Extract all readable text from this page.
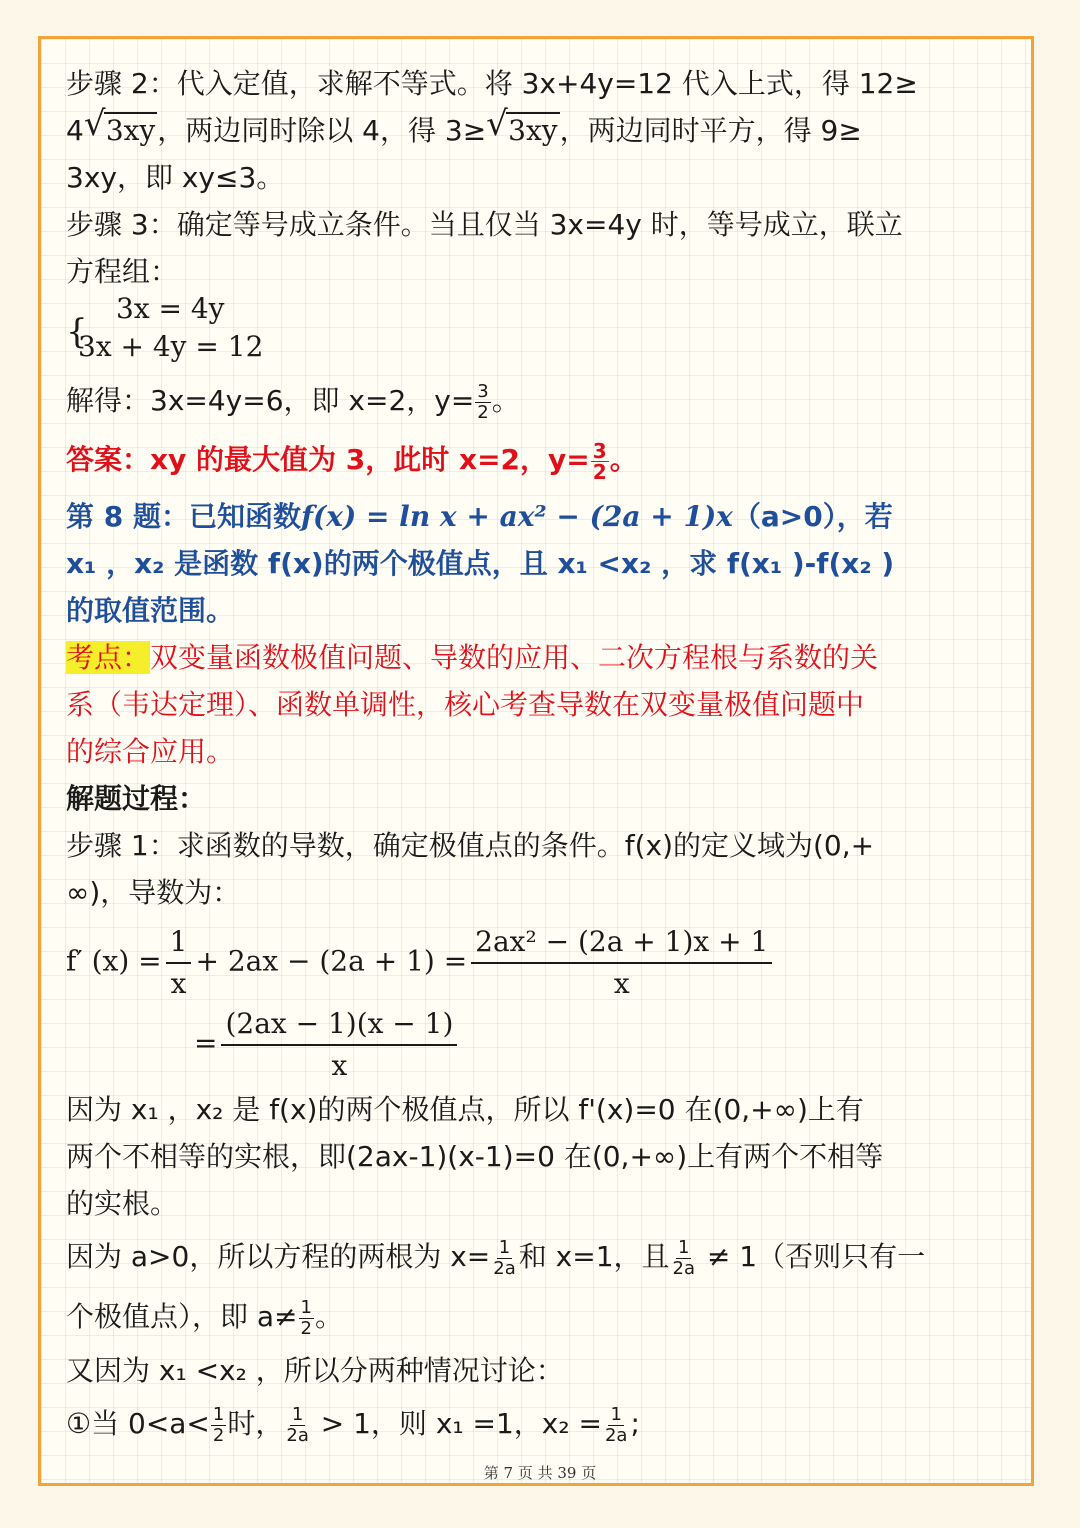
步骤 2：代入定值，求解不等式。将 3x+4y=12 代入上式，得 12≥
4 √ 3xy，两边同时除以 4，得 3≥ √ 3xy，两边同时平方，得 9≥
3xy，即 xy≤3。
步骤 3：确定等号成立条件。当且仅当 3x=4y 时，等号成立，联立
方程组：
{
3x = 4y
3x + 4y = 12
解得：3x=4y=6，即 x=2，$y= \frac{3}{2}$ 。
答案：xy 的最大值为 3，此时 x=2，$y= \frac{3}{2}$ 。
第 8 题：已知函数f(x) = ln x + ax² − (2a + 1)x（a>0），若
x₁ ，x₂ 是函数 f(x)的两个极值点，且 x₁ <x₂ ，求 f(x₁ )-f(x₂ )
的取值范围。
考点：双变量函数极值问题、导数的应用、二次方程根与系数的关
系（韦达定理）、函数单调性，核心考查导数在双变量极值问题中
的综合应用。
解题过程：
步骤 1：求函数的导数，确定极值点的条件。f(x)的定义域为(0,+
∞)，导数为：
f′ $(x) = \frac{1}{x} + 2ax - (2a + 1) = \frac{\text{2ax² − (2a + 1)x + 1}}{x}$
= $\frac{(2ax - 1)(x - 1)}{x}$
因为 x₁ ，x₂ 是 f(x)的两个极值点，所以 f'(x)=0 在(0,+∞)上有
两个不相等的实根，即(2ax-1)(x-1)=0 在(0,+∞)上有两个不相等
的实根。
因为 a>0，所以方程的两根为 $x= \frac{1}{2a}$ 和 x=1，且 $\frac{1}{2a} \ne 1$（否则只有一
个极值点），即 $a\ne \frac{1}{2}$ 。
又因为 x₁ <x₂ ，所以分两种情况讨论：
①当 $0<a< \frac{1}{2}$ 时， $\frac{1}{2a} > 1$，则 x₁ =1，$x_2 = \frac{1}{2a}$ ;
第 7 页 共 39 页
